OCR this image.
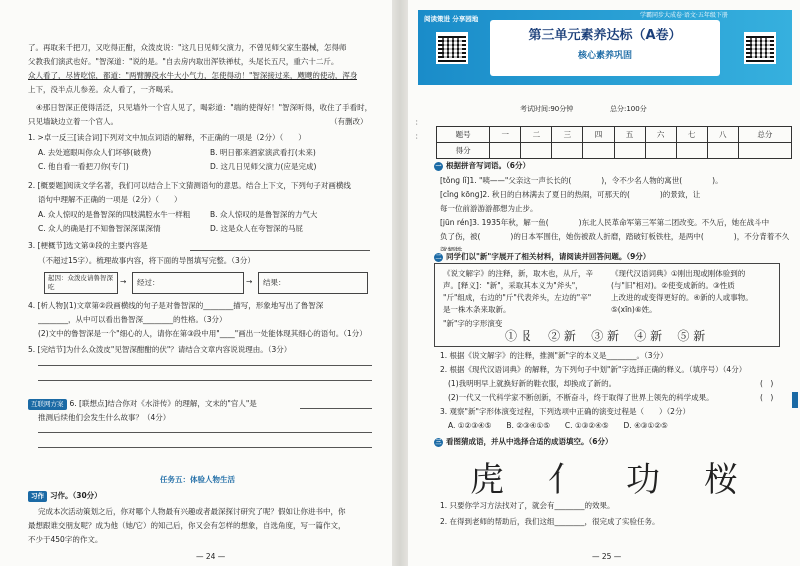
了。再取来千把刀，又吃得正酣，众泼皮说："这几日见师父演力，不曾见师父家生器械，怎得师
父教我们演武也好。"智深道："说的是。"自去房内取出浑铁禅杖，头尾长五尺，重六十二斤。
众人看了，尽皆吃惊，都道："两臂膊没水牛大小气力，怎使得动！"智深接过来，飕飕的使动，浑身
上下，没半点儿参差。众人看了，一齐喝采。
④那日智深正使得活泛，只见墙外一个官人见了，喝彩道："端的使得好！"智深听得，收住了手看时，
只见墙缺边立着一个官人。	（有删改）
1. >卓一反三[读合词]下列对文中加点词语的解释，不正确的一项是（2分）（　　）
A. 去处遮眼叫你众人们坏够(破费)	B. 明日都来酒家演武看打(未来)
C. 他自看一看把刀你(专门)	D. 这几日见师父演力(应是完成)
2. [概要题]阅读文学名著，我们可以结合上下文猜测语句的意思。结合上下文，下列句子对画横线
语句中理解不正确的一项是（2分）（　　）
A. 众人惊叹的是鲁智深的四肢满腔水牛一样粗	B. 众人惊叹的是鲁智深的力气大
C. 众人的确是打不知鲁智深深谋深情	D. 这是众人在夸智深的马屁
3. [梗概节]选文第③段的主要内容是
（不超过15字）。梳理故事内容，将下面的导图填写完整。（3分）
起因：众泼皮请鲁智深吃
→ 经过：	→ 结果：
4. [析人物](1)文章第②段画横线的句子是对鲁智深的________描写，形象地写出了鲁智深
________，从中可以看出鲁智深________的性格。（3分）
(2)文中的鲁智深是一个"细心的人，请你在第③段中用"____"画出一处能体现其细心的语句。（1分）
5. [完结节]为什么众泼皮"见智深酣酣的伏"？请结合文章内容说说理由。（3分）
互联网方案 6. [联想点]结合你对《水浒传》的理解，文末的"官人"是
推测后续他们会发生什么故事？（4分）
任务五：体验人物生活
习作 习作。（30分）
完成本次活动策划之后，你对哪个人物最有兴趣或者最深探讨研究了呢？假如让你进书中，你
最想跟谁交朋友呢？成为他（她/它）的知己后，你又会有怎样的想象，自选角度，写一篇作文，
不少于450字的作文。
— 24 —
阅读策进 分享园地
第三单元素养达标（A卷）
核心素养巩固
学霸同步大成卷·语文·五年级下册
考试时间:90分钟	总分:100分
：　：	题号	一	二	三	四	五	六	七	八	总分
得分									
一 根据拼音写词语。（6分）
[tǒnɡ lǐ]1. "咦——"父亲这一声长长的(　　　　)，令不少名人物的寓世(　　　　)。
[cǐnɡ kōnɡ]2. 秋日的白林满去了夏日的热闹，可那天的(　　　　)的景致，让
每一位前游游游都想为止步。
[jūn rén]3. 1935年秋，解一鱼(　　　　)东北人民革命军第三军第二团改变。不久后，她在战斗中
负了伤，被(　　　　)的日本军围住，她伤被敌人折磨，踏破钉板铁柱，是两中(　　　　)，不分背着不久
二 同学们以"新"字展开了相关材料，请阅读并回答问题。（9分）
《说文解字》的注释，新，取木也，从斤，辛
声。[释义]："新"，采取其本义为"斧头"，
"斤"组成，右边的"斤"代表斧头，左边的"辛"
是一株木条来取新。
《现代汉语词典》①刚出现或刚体验到的
(与"旧"相对)。②使变成新的。③性质
上改进的或变得更好的。④新的人或事物。
⑤(xīn)⑥姓。
"新"字的字形演变
① 𠬝 ② 新 ③ 新 ④ 新 ⑤ 新
1. 根据《说文解字》的注释，推测"新"字的本义是________。（3分）
2. 根据《现代汉语词典》的解释，为下列句子中划"新"字选择正确的释义。（填序号）（4分）
(1)我明明早上就换好新的鞋衣服，却换成了新的。	(　)
(2)一代又一代科学家不断创新，不断奋斗，终于取得了世界上领先的科学成果。	(　)
3. 观察"新"字形体演变过程，下列选项中正确的演变过程是（　　）（2分）
A. ①②③④⑤　　B. ②③④①⑤　　C. ①③②④⑤　　D. ④③①②⑤
三 看图猜成语，并从中选择合适的成语填空。（6分）
虎 亻 功 桜
1. 只要你学习方法找对了，就会有________的效果。
2. 在得到老师的帮助后，我们这组________，很完成了实验任务。
— 25 —
